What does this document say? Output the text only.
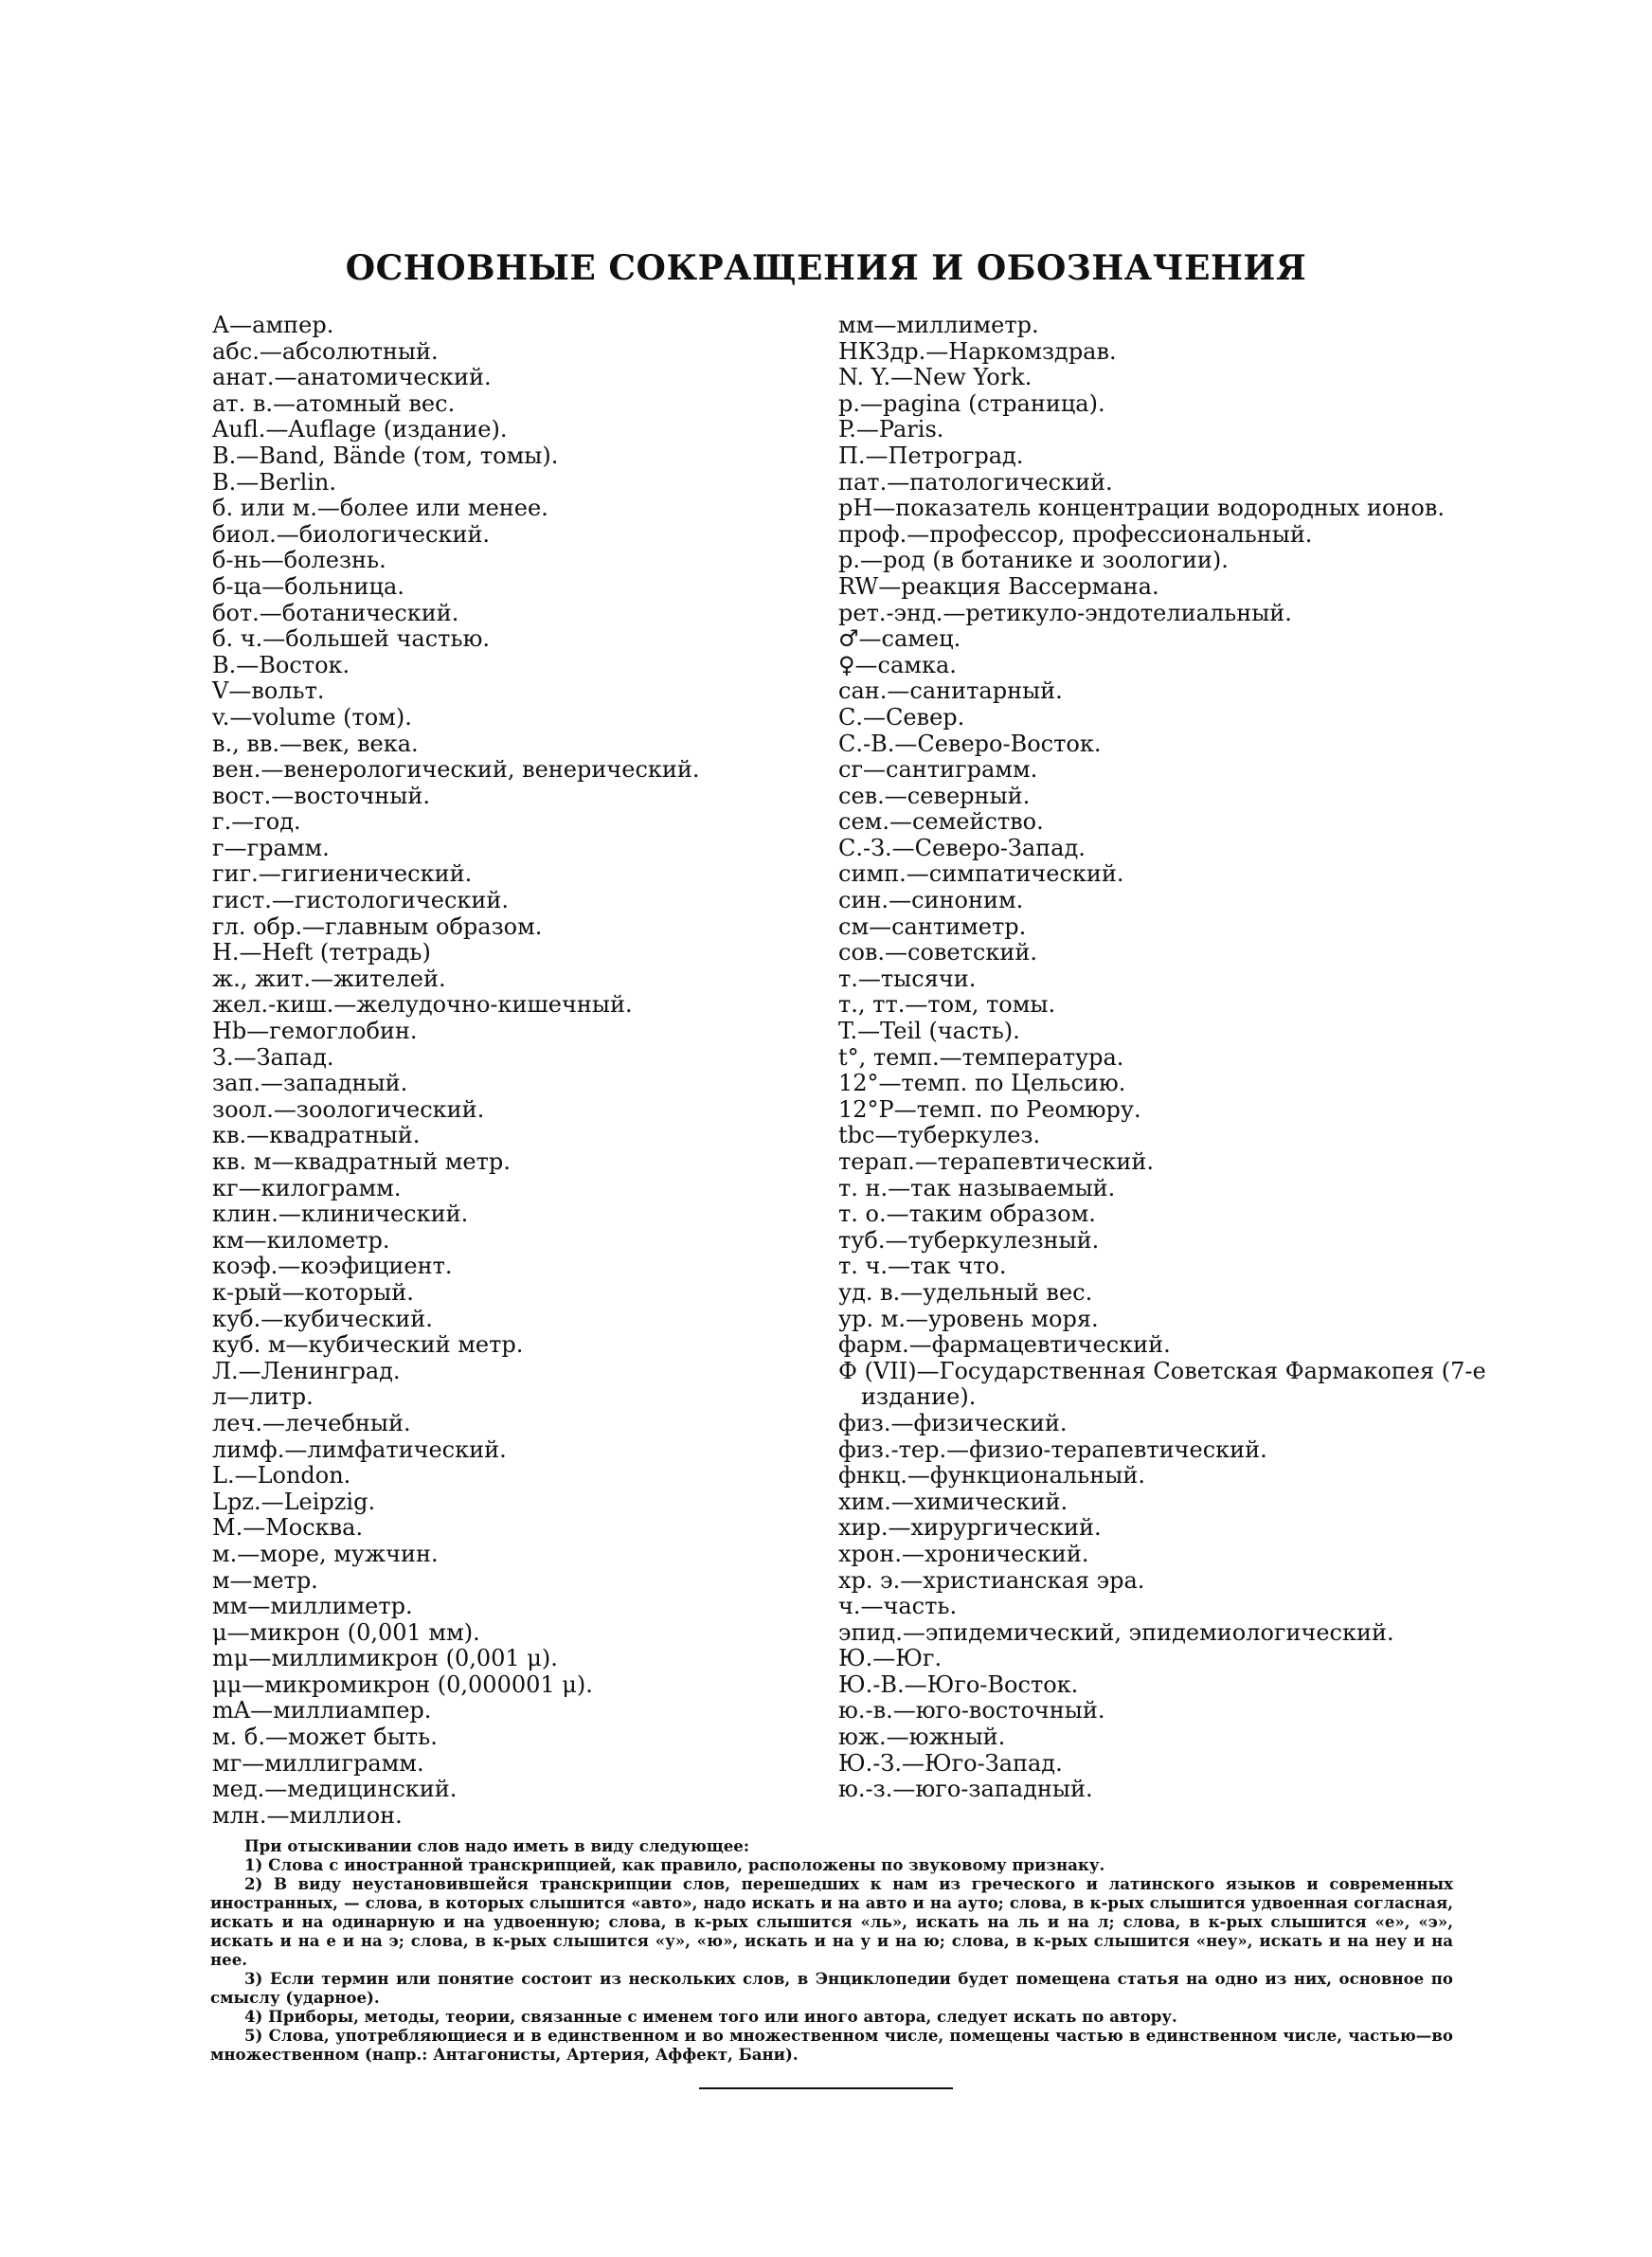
ОСНОВНЫЕ СОКРАЩЕНИЯ И ОБОЗНАЧЕНИЯ
А—ампер.
абс.—абсолютный.
анат.—анатомический.
ат. в.—атомный вес.
Aufl.—Auflage (издание).
B.—Band, Bände (том, томы).
B.—Berlin.
б. или м.—более или менее.
биол.—биологический.
б-нь—болезнь.
б-ца—больница.
бот.—ботанический.
б. ч.—большей частью.
В.—Восток.
V—вольт.
v.—volume (том).
в., вв.—век, века.
вен.—венерологический, венерический.
вост.—восточный.
г.—год.
г—грамм.
гиг.—гигиенический.
гист.—гистологический.
гл. обр.—главным образом.
H.—Heft (тетрадь)
ж., жит.—жителей.
жел.-киш.—желудочно-кишечный.
Hb—гемоглобин.
З.—Запад.
зап.—западный.
зоол.—зоологический.
кв.—квадратный.
кв. м—квадратный метр.
кг—килограмм.
клин.—клинический.
км—километр.
коэф.—коэфициент.
к-рый—который.
куб.—кубический.
куб. м—кубический метр.
Л.—Ленинград.
л—литр.
леч.—лечебный.
лимф.—лимфатический.
L.—London.
Lpz.—Leipzig.
М.—Москва.
м.—море, мужчин.
м—метр.
мм—миллиметр.
μ—микрон (0,001 мм).
mμ—миллимикрон (0,001 μ).
μμ—микромикрон (0,000001 μ).
mA—миллиампер.
м. б.—может быть.
мг—миллиграмм.
мед.—медицинский.
млн.—миллион.
мм—миллиметр.
НКЗдр.—Наркомздрав.
N. Y.—New York.
p.—pagina (страница).
P.—Paris.
П.—Петроград.
пат.—патологический.
pH—показатель концентрации водородных ионов.
проф.—профессор, профессиональный.
р.—род (в ботанике и зоологии).
RW—реакция Вассермана.
рет.-энд.—ретикуло-эндотелиальный.
♂—самец.
♀—самка.
сан.—санитарный.
С.—Север.
С.-В.—Северо-Восток.
сг—сантиграмм.
сев.—северный.
сем.—семейство.
С.-З.—Северо-Запад.
симп.—симпатический.
син.—синоним.
см—сантиметр.
сов.—советский.
т.—тысячи.
т., тт.—том, томы.
T.—Teil (часть).
t°, темп.—температура.
12°—темп. по Цельсию.
12°Р—темп. по Реомюру.
tbc—туберкулез.
терап.—терапевтический.
т. н.—так называемый.
т. о.—таким образом.
туб.—туберкулезный.
т. ч.—так что.
уд. в.—удельный вес.
ур. м.—уровень моря.
фарм.—фармацевтический.
Ф (VII)—Государственная Советская Фармакопея (7-е издание).
физ.—физический.
физ.-тер.—физио-терапевтический.
фнкц.—функциональный.
хим.—химический.
хир.—хирургический.
хрон.—хронический.
хр. э.—христианская эра.
ч.—часть.
эпид.—эпидемический, эпидемиологический.
Ю.—Юг.
Ю.-В.—Юго-Восток.
ю.-в.—юго-восточный.
юж.—южный.
Ю.-З.—Юго-Запад.
ю.-з.—юго-западный.

При отыскивании слов надо иметь в виду следующее:

1) Слова с иностранной транскрипцией, как правило, расположены по звуковому признаку.

2) В виду неустановившейся транскрипции слов, перешедших к нам из греческого и латинского языков и современных иностранных, — слова, в которых слышится «авто», надо искать и на авто и на ауто; слова, в к-рых слышится удвоенная согласная, искать и на одинарную и на удвоенную; слова, в к-рых слышится «ль», искать на ль и на л; слова, в к-рых слышится «е», «э», искать и на е и на э; слова, в к-рых слышится «у», «ю», искать и на у и на ю; слова, в к-рых слышится «неу», искать и на неу и на нее.

3) Если термин или понятие состоит из нескольких слов, в Энциклопедии будет помещена статья на одно из них, основное по смыслу (ударное).

4) Приборы, методы, теории, связанные с именем того или иного автора, следует искать по автору.

5) Слова, употребляющиеся и в единственном и во множественном числе, помещены частью в единственном числе, частью—во множественном (напр.: Антагонисты, Артерия, Аффект, Бани).
